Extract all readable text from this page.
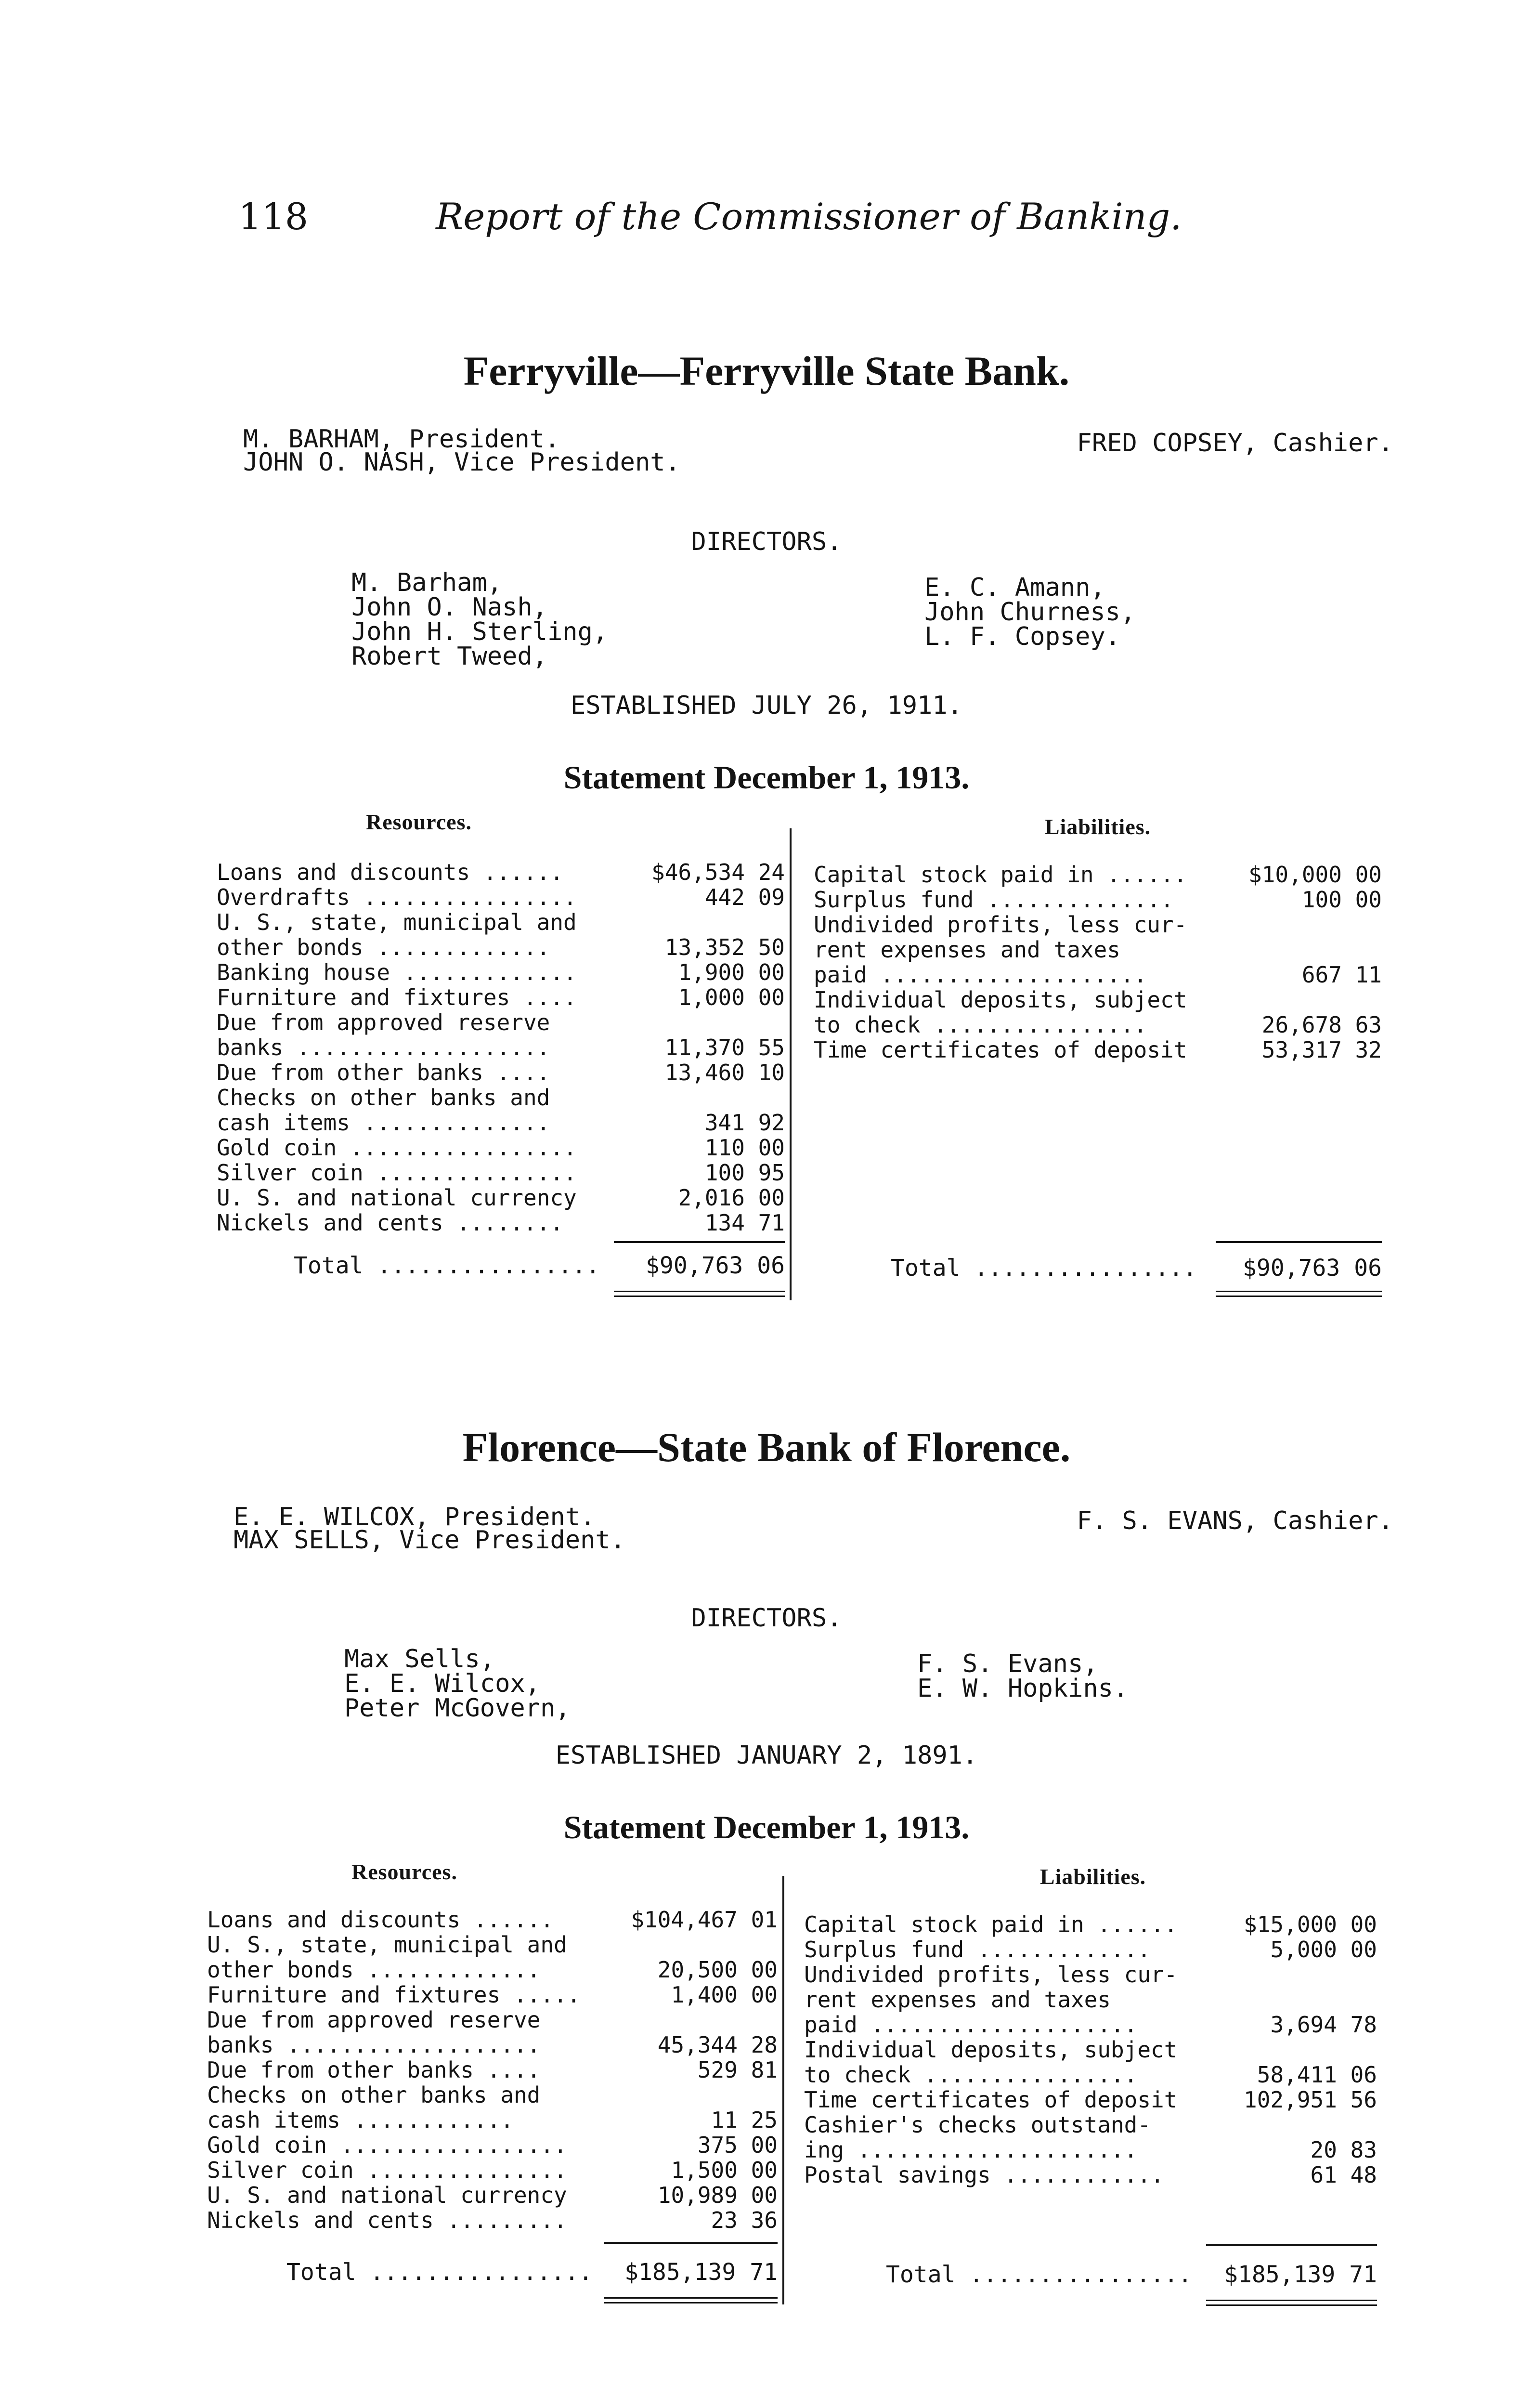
118	Report of the Commissioner of Banking.
Ferryville—Ferryville State Bank.
M. BARHAM, President.
JOHN O. NASH, Vice President.
FRED COPSEY, Cashier.
DIRECTORS.
M. Barham,
John O. Nash,
John H. Sterling,
Robert Tweed,
E. C. Amann,
John Churness,
L. F. Copsey.
ESTABLISHED JULY 26, 1911.
Statement December 1, 1913.
Resources.	Liabilities.
Loans and discounts ......	$46,534 24
Overdrafts ................	442 09
U. S., state, municipal and
other bonds .............	13,352 50
Banking house .............	1,900 00
Furniture and fixtures ....	1,000 00
Due from approved reserve
banks ...................	11,370 55
Due from other banks ....	13,460 10
Checks on other banks and
cash items ..............	341 92
Gold coin .................	110 00
Silver coin ...............	100 95
U. S. and national currency	2,016 00
Nickels and cents ........	134 71
Capital stock paid in ......	$10,000 00
Surplus fund ..............	100 00
Undivided profits, less cur-
rent expenses and taxes
paid ....................	667 11
Individual deposits, subject
to check ................	26,678 63
Time certificates of deposit	53,317 32
Total ................ $90,763 06	Total ................ $90,763 06
Florence—State Bank of Florence.
E. E. WILCOX, President.
MAX SELLS, Vice President.
F. S. EVANS, Cashier.
DIRECTORS.
Max Sells,
E. E. Wilcox,
Peter McGovern,
F. S. Evans,
E. W. Hopkins.
ESTABLISHED JANUARY 2, 1891.
Statement December 1, 1913.
Resources.	Liabilities.
Loans and discounts ......	$104,467 01
U. S., state, municipal and
other bonds .............	20,500 00
Furniture and fixtures .....	1,400 00
Due from approved reserve
banks ...................	45,344 28
Due from other banks ....	529 81
Checks on other banks and
cash items ............	11 25
Gold coin .................	375 00
Silver coin ...............	1,500 00
U. S. and national currency	10,989 00
Nickels and cents .........	23 36
Capital stock paid in ......	$15,000 00
Surplus fund .............	5,000 00
Undivided profits, less cur-
rent expenses and taxes
paid ....................	3,694 78
Individual deposits, subject
to check ................	58,411 06
Time certificates of deposit	102,951 56
Cashier's checks outstand-
ing .....................	20 83
Postal savings ............	61 48
Total ................ $185,139 71	Total ................ $185,139 71
